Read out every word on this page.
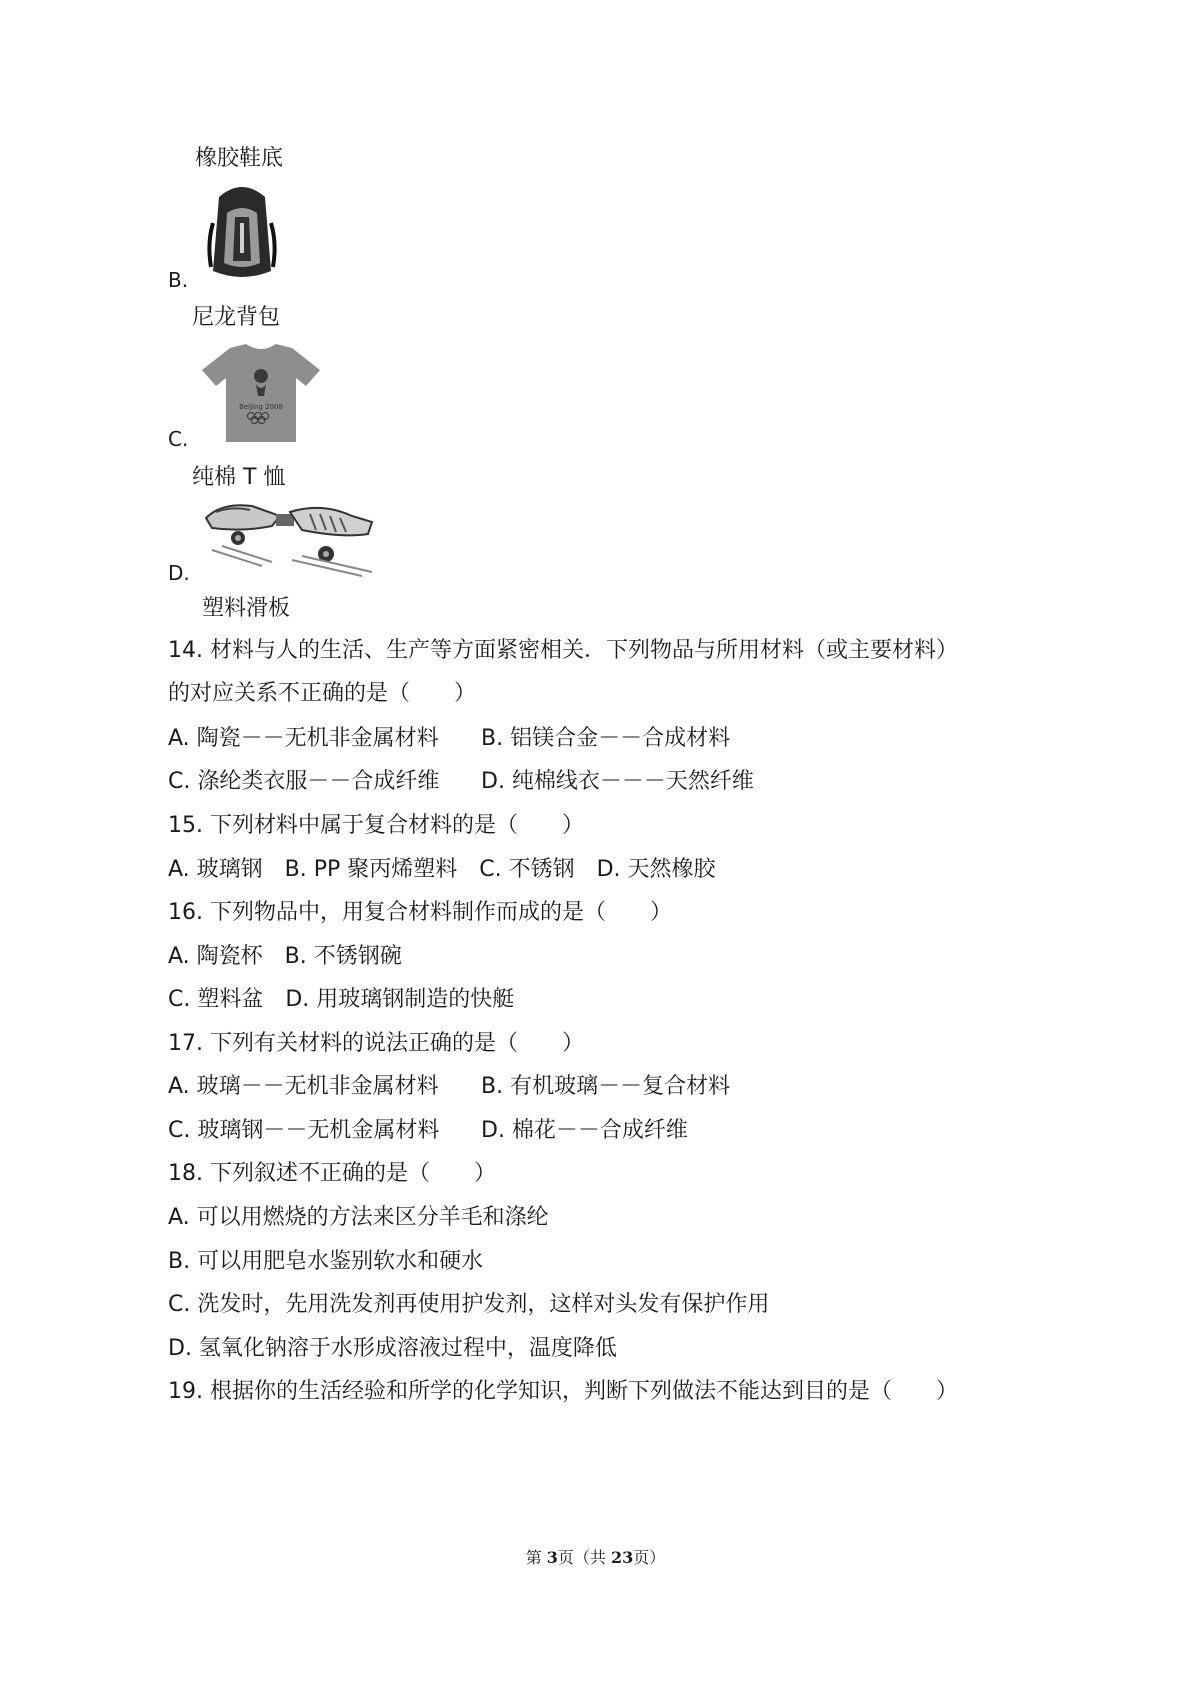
橡胶鞋底
B.
尼龙背包
Beijing 2008
C.
纯棉 T 恤
D.
塑料滑板
14. 材料与人的生活、生产等方面紧密相关．下列物品与所用材料（或主要材料）
的对应关系不正确的是（　　）
A. 陶瓷－－无机非金属材料 B. 铝镁合金－－合成材料
C. 涤纶类衣服－－合成纤维 D. 纯棉线衣－－－天然纤维
15. 下列材料中属于复合材料的是（　　）
A. 玻璃钢　B. PP 聚丙烯塑料　C. 不锈钢　D. 天然橡胶
16. 下列物品中，用复合材料制作而成的是（　　）
A. 陶瓷杯　B. 不锈钢碗
C. 塑料盆　D. 用玻璃钢制造的快艇
17. 下列有关材料的说法正确的是（　　）
A. 玻璃－－无机非金属材料 B. 有机玻璃－－复合材料
C. 玻璃钢－－无机金属材料 D. 棉花－－合成纤维
18. 下列叙述不正确的是（　　）
A. 可以用燃烧的方法来区分羊毛和涤纶
B. 可以用肥皂水鉴别软水和硬水
C. 洗发时，先用洗发剂再使用护发剂，这样对头发有保护作用
D. 氢氧化钠溶于水形成溶液过程中，温度降低
19. 根据你的生活经验和所学的化学知识，判断下列做法不能达到目的是（　　）
第 3页（共 23页）
